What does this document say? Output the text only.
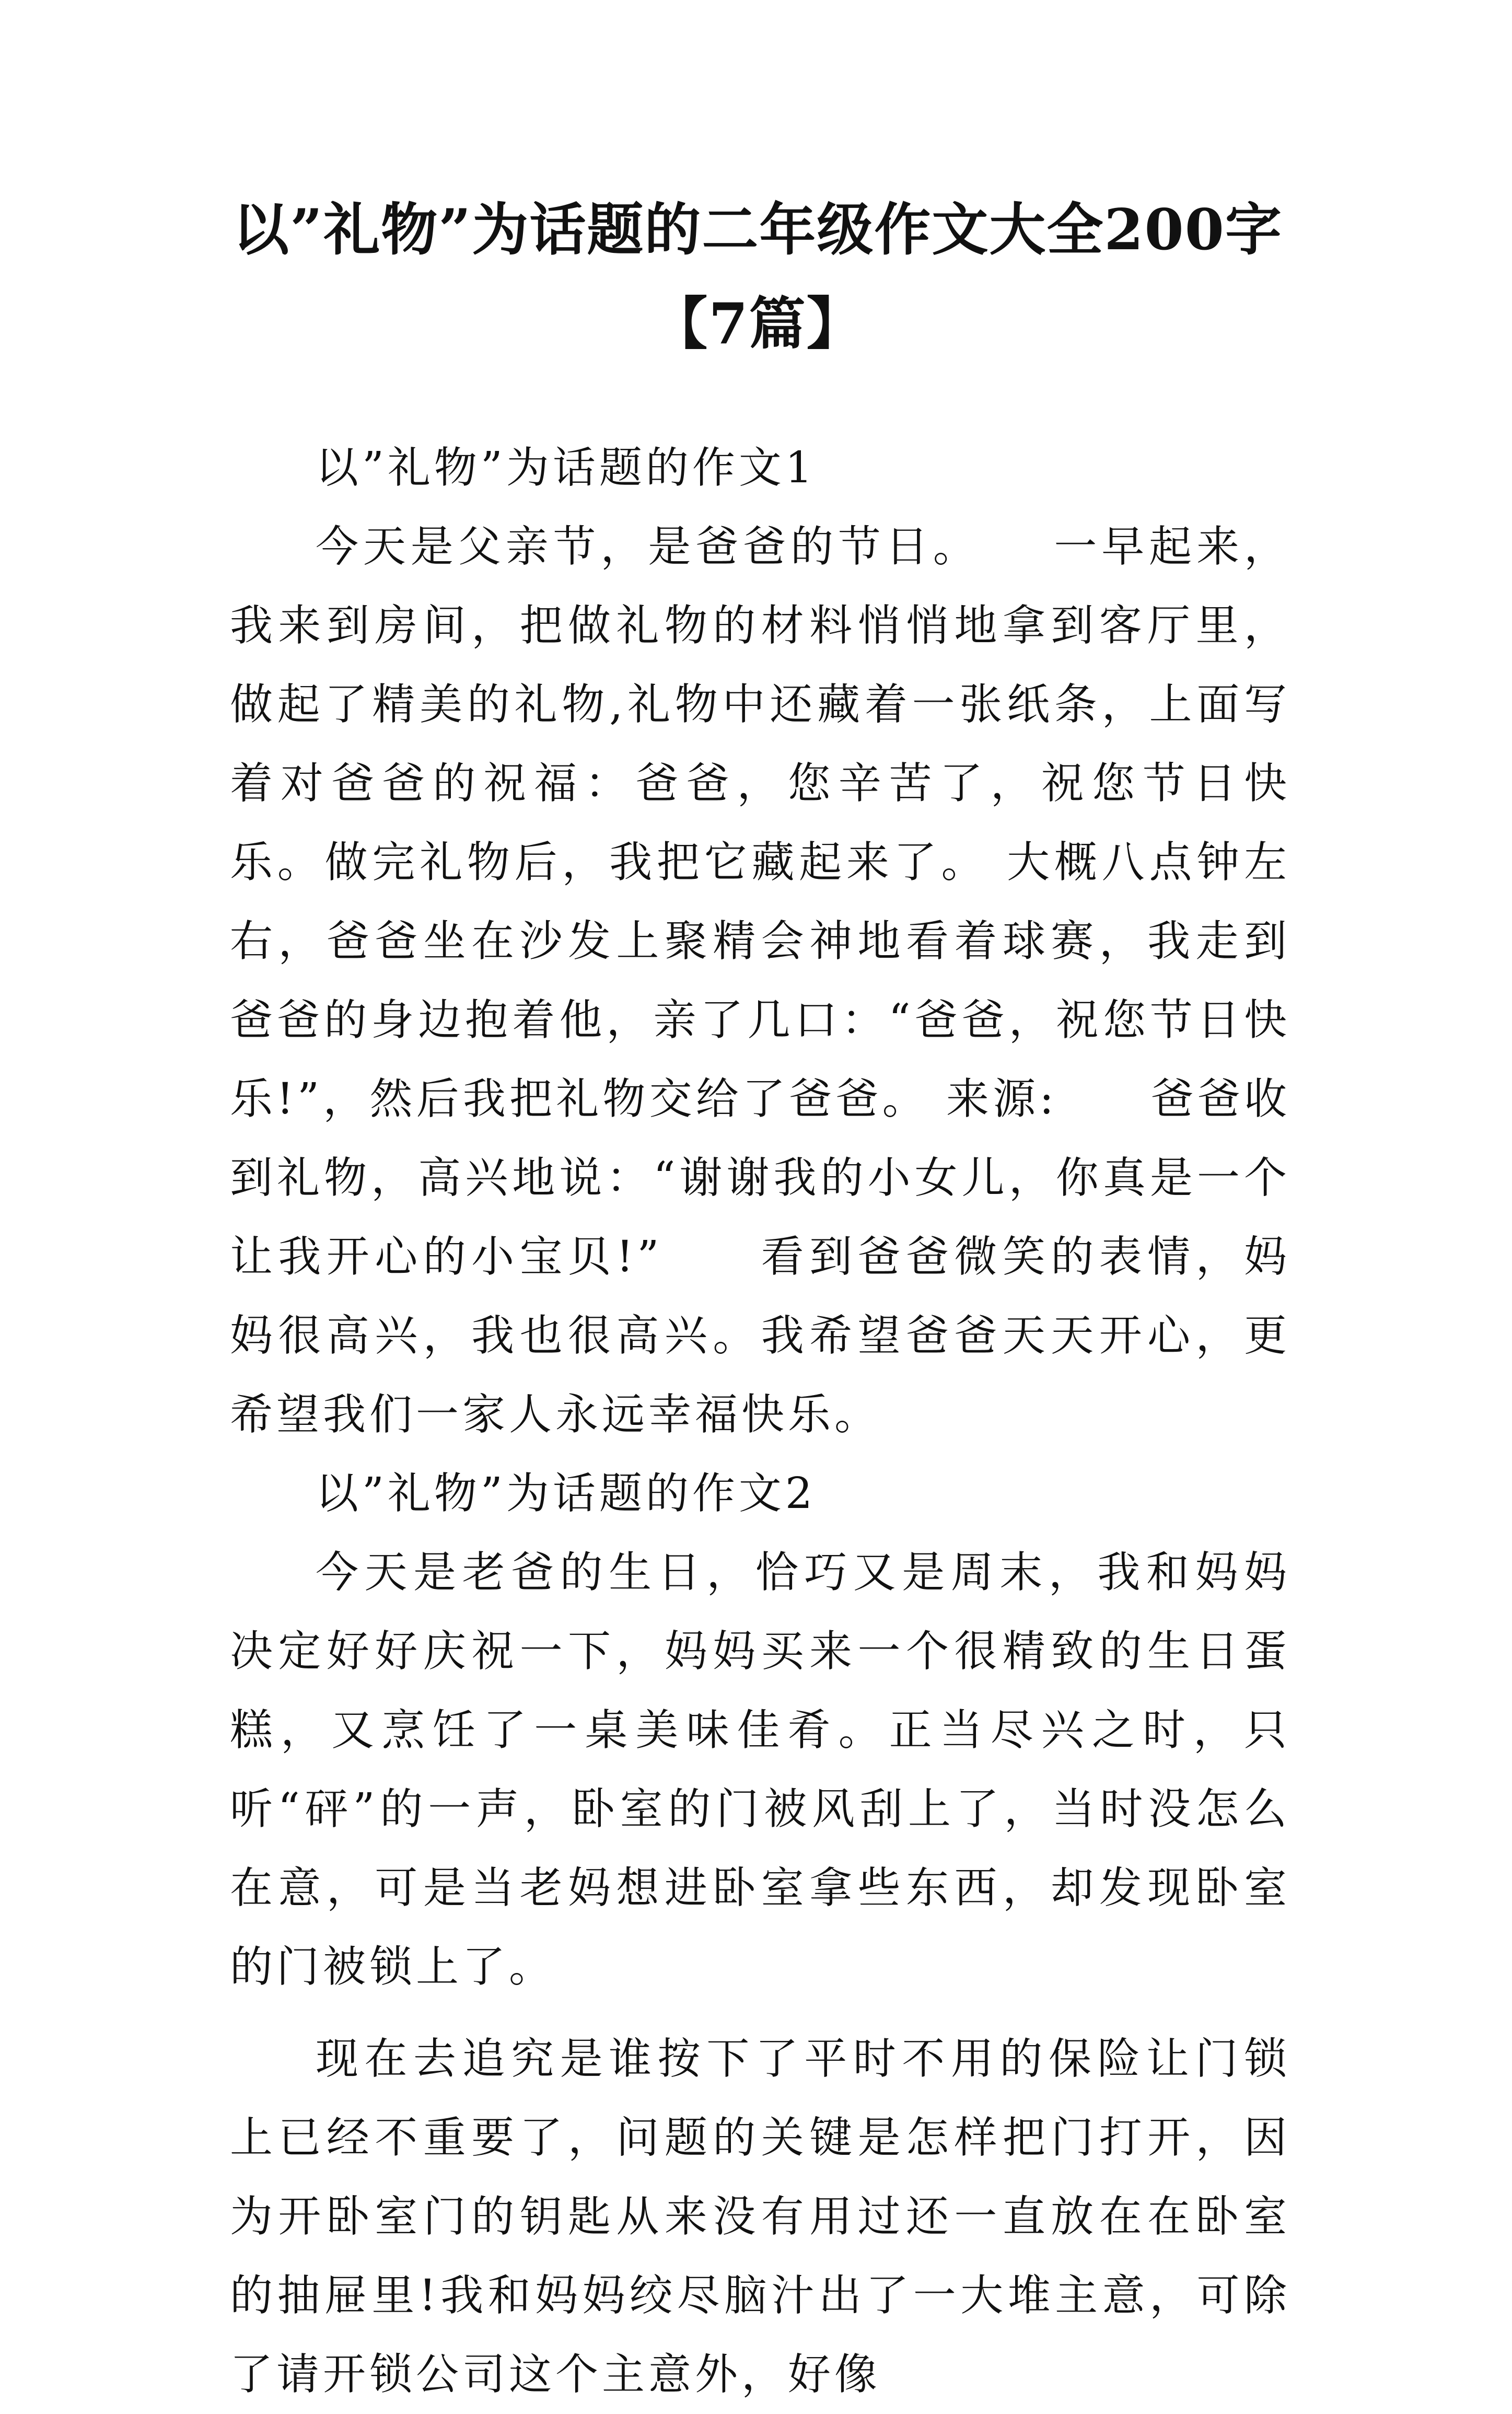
以”礼物”为话题的二年级作文大全200字【7篇】

以”礼物”为话题的作文1

今天是父亲节，是爸爸的节日。　　一早起来，我来到房间，把做礼物的材料悄悄地拿到客厅里，做起了精美的礼物,礼物中还藏着一张纸条，上面写着对爸爸的祝福：爸爸，您辛苦了，祝您节日快乐。做完礼物后，我把它藏起来了。 大概八点钟左右，爸爸坐在沙发上聚精会神地看着球赛，我走到爸爸的身边抱着他，亲了几口：“爸爸，祝您节日快乐!”，然后我把礼物交给了爸爸。 来源:　　爸爸收到礼物，高兴地说：“谢谢我的小女儿，你真是一个让我开心的小宝贝!”　　看到爸爸微笑的表情，妈妈很高兴，我也很高兴。我希望爸爸天天开心，更希望我们一家人永远幸福快乐。

以”礼物”为话题的作文2

今天是老爸的生日，恰巧又是周末，我和妈妈决定好好庆祝一下，妈妈买来一个很精致的生日蛋糕，又烹饪了一桌美味佳肴。正当尽兴之时，只听“砰”的一声，卧室的门被风刮上了，当时没怎么在意，可是当老妈想进卧室拿些东西，却发现卧室的门被锁上了。

现在去追究是谁按下了平时不用的保险让门锁上已经不重要了，问题的关键是怎样把门打开，因为开卧室门的钥匙从来没有用过还一直放在在卧室的抽屉里!我和妈妈绞尽脑汁出了一大堆主意，可除了请开锁公司这个主意外，好像
